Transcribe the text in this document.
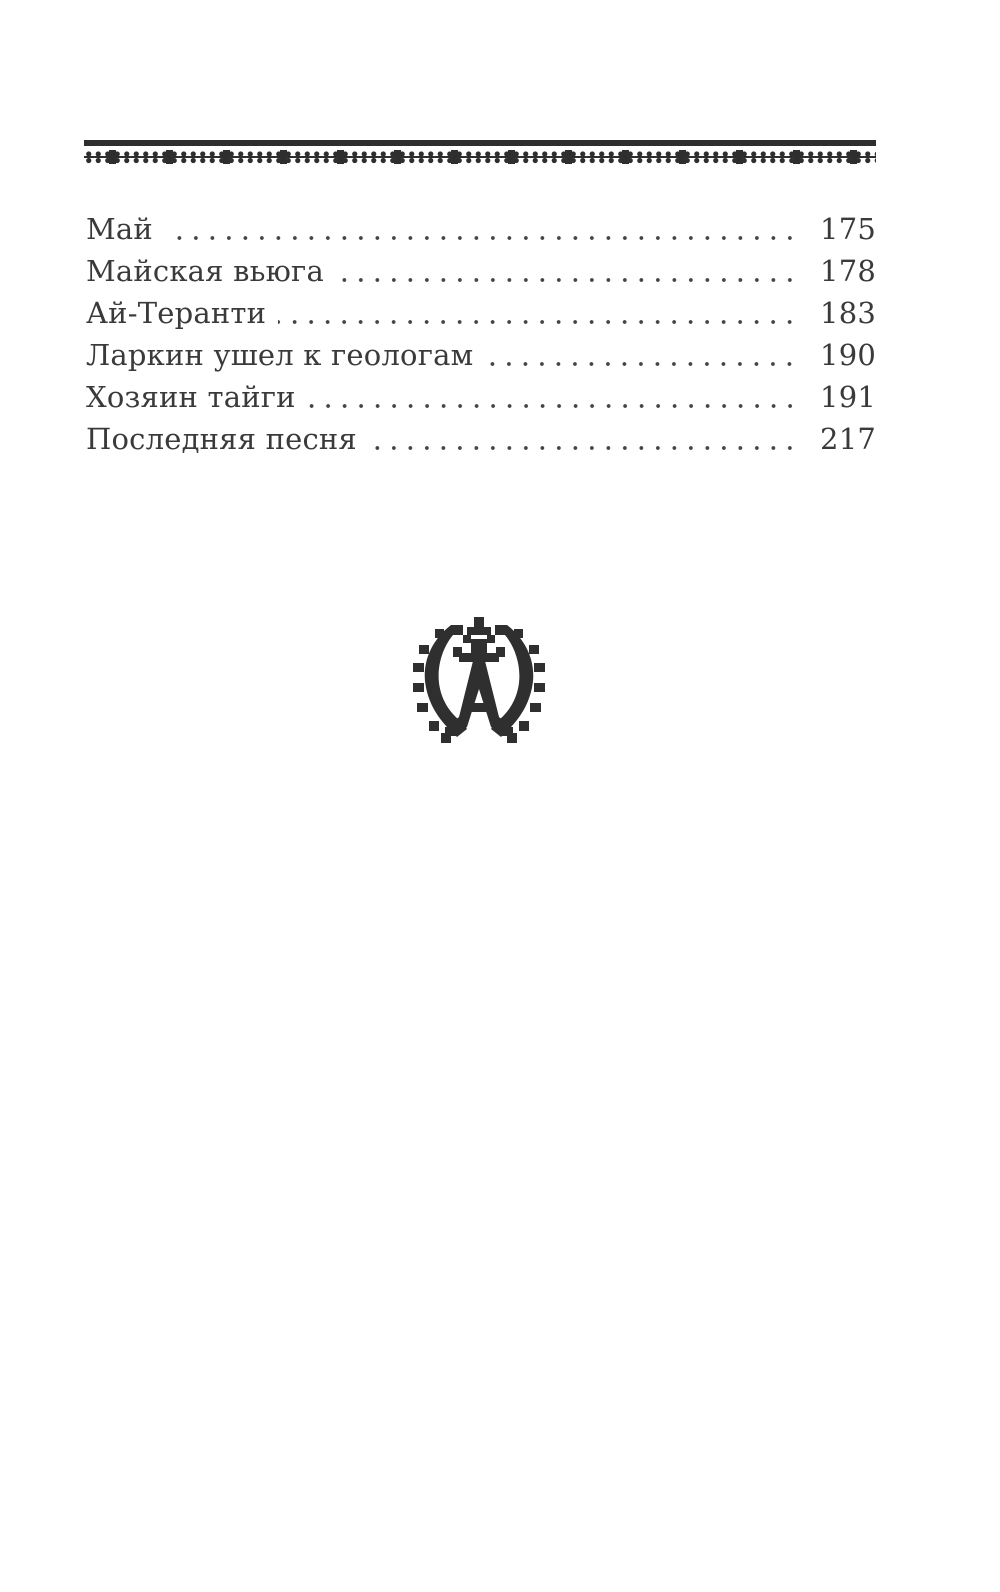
Май	175
Майская вьюга	178
Ай-Теранти	183
Ларкин ушел к геологам	190
Хозяин тайги	191
Последняя песня	217
